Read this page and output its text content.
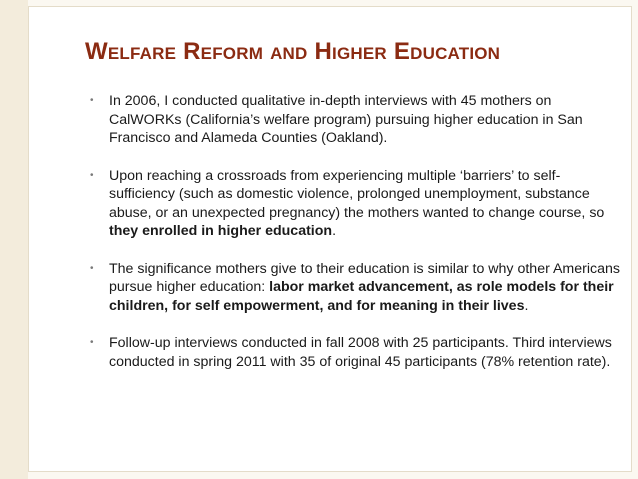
WELFARE REFORM AND HIGHER EDUCATION
• In 2006, I conducted qualitative in-depth interviews with 45 mothers on CalWORKs (California’s welfare program) pursuing higher education in San Francisco and Alameda Counties (Oakland).
• Upon reaching a crossroads from experiencing multiple ‘barriers’ to self-sufficiency (such as domestic violence, prolonged unemployment, substance abuse, or an unexpected pregnancy) the mothers wanted to change course, so they enrolled in higher education.
• The significance mothers give to their education is similar to why other Americans pursue higher education: labor market advancement, as role models for their children, for self empowerment, and for meaning in their lives.
• Follow-up interviews conducted in fall 2008 with 25 participants. Third interviews conducted in spring 2011 with 35 of original 45 participants (78% retention rate).
